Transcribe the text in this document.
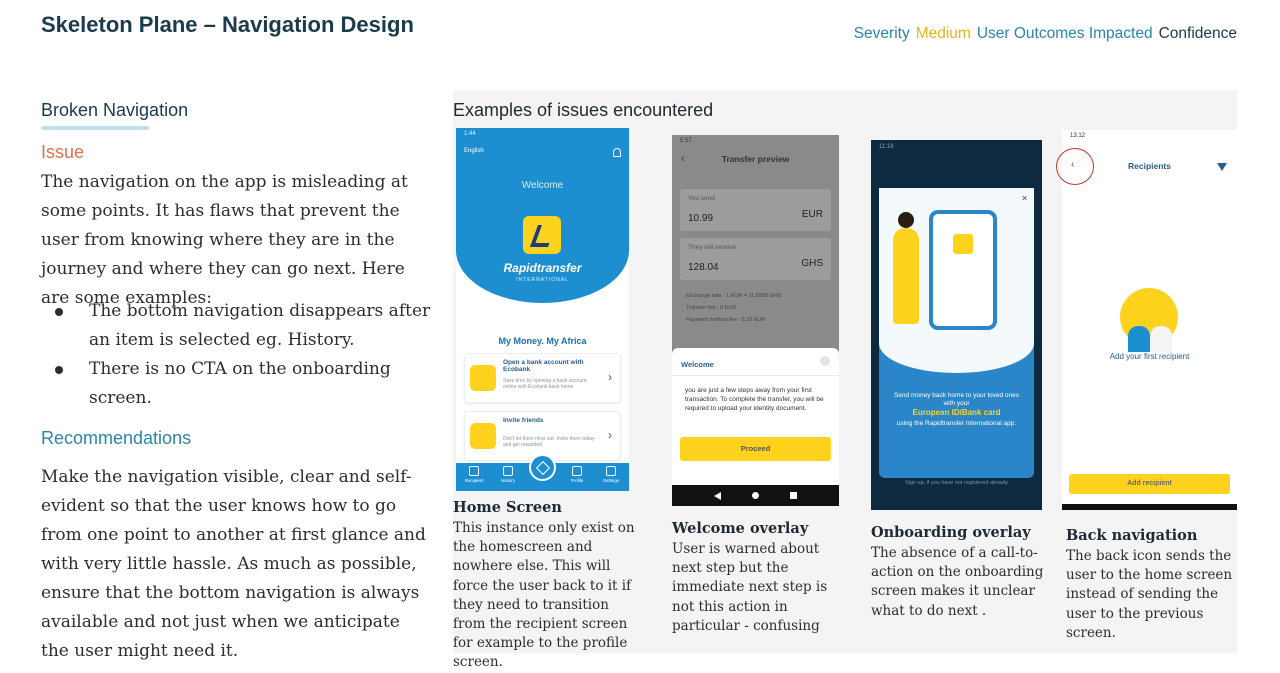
Skeleton Plane – Navigation Design	Severity Medium User Outcomes Impacted Confidence
Broken Navigation
Issue

The navigation on the app is misleading at some points. It has flaws that prevent the user from knowing where they are in the journey and where they can go next. Here are some examples:

The bottom navigation disappears after an item is selected eg. History.
There is no CTA on the onboarding screen.
Recommendations

Make the navigation visible, clear and self-evident so that the user knows how to go from one point to another at first glance and with very little hassle. As much as possible, ensure that the bottom navigation is always available and not just when we anticipate the user might need it.

Examples of issues encountered
1:44
English
Welcome
Rapidtransfer
INTERNATIONAL
My Money. My Africa
Open a bank account with Ecobank
Save time by opening a bank account online with Ecobank back home
›
Invite friends
Don't let them miss out. Invite them today and get rewarded
›
Recipient	History	Profile	Settings
Home Screen
This instance only exist on the homescreen and nowhere else. This will force the user back to it if they need to transition from the recipient screen for example to the profile screen.
5:57
‹	Transfer preview
You send
10.99	EUR
They will receive
128.04	GHS
Exchange rate : 1 EUR = 11.6508 GHS
Transfer fee : 0 EUR
Payment method fee : 0.33 EUR
Welcome
you are just a few steps away from your first transaction. To complete the transfer, you will be required to upload your identity document.
Proceed
Welcome overlay
User is warned about next step but the immediate next step is not this action in particular - confusing
11:18
✕
Send money back home to your loved ones with your
European ID/Bank card
using the Rapidtransfer International app.
Sign up, if you have not registered already
Onboarding overlay
The absence of a call-to-action on the onboarding screen makes it unclear what to do next .
13:12
‹	Recipients
Add your first recipient
Add recipient
Back navigation
The back icon sends the user to the home screen instead of sending the user to the previous screen.
